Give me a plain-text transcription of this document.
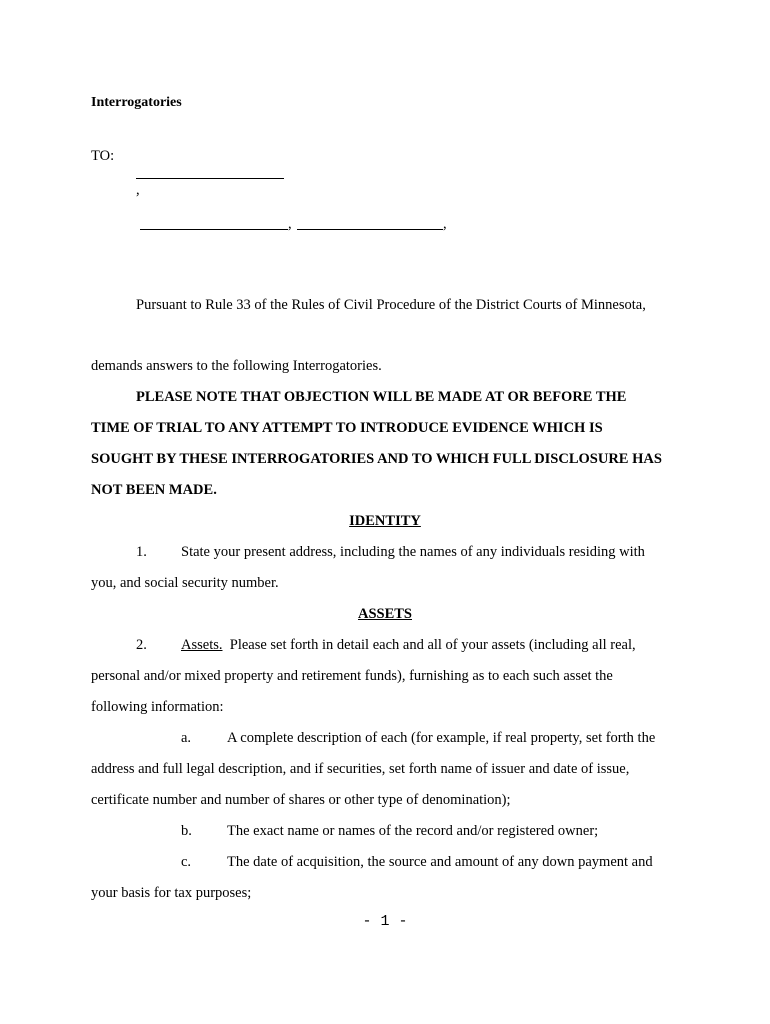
Interrogatories
TO:
,
,	,
Pursuant to Rule 33 of the Rules of Civil Procedure of the District Courts of Minnesota,
demands answers to the following Interrogatories.
PLEASE NOTE THAT OBJECTION WILL BE MADE AT OR BEFORE THE
TIME OF TRIAL TO ANY ATTEMPT TO INTRODUCE EVIDENCE WHICH IS
SOUGHT BY THESE INTERROGATORIES AND TO WHICH FULL DISCLOSURE HAS
NOT BEEN MADE.
IDENTITY
1. State your present address, including the names of any individuals residing with
you, and social security number.
ASSETS
2. Assets. Please set forth in detail each and all of your assets (including all real,
personal and/or mixed property and retirement funds), furnishing as to each such asset the
following information:
a. A complete description of each (for example, if real property, set forth the
address and full legal description, and if securities, set forth name of issuer and date of issue,
certificate number and number of shares or other type of denomination);
b. The exact name or names of the record and/or registered owner;
c. The date of acquisition, the source and amount of any down payment and
your basis for tax purposes;
- 1 -
